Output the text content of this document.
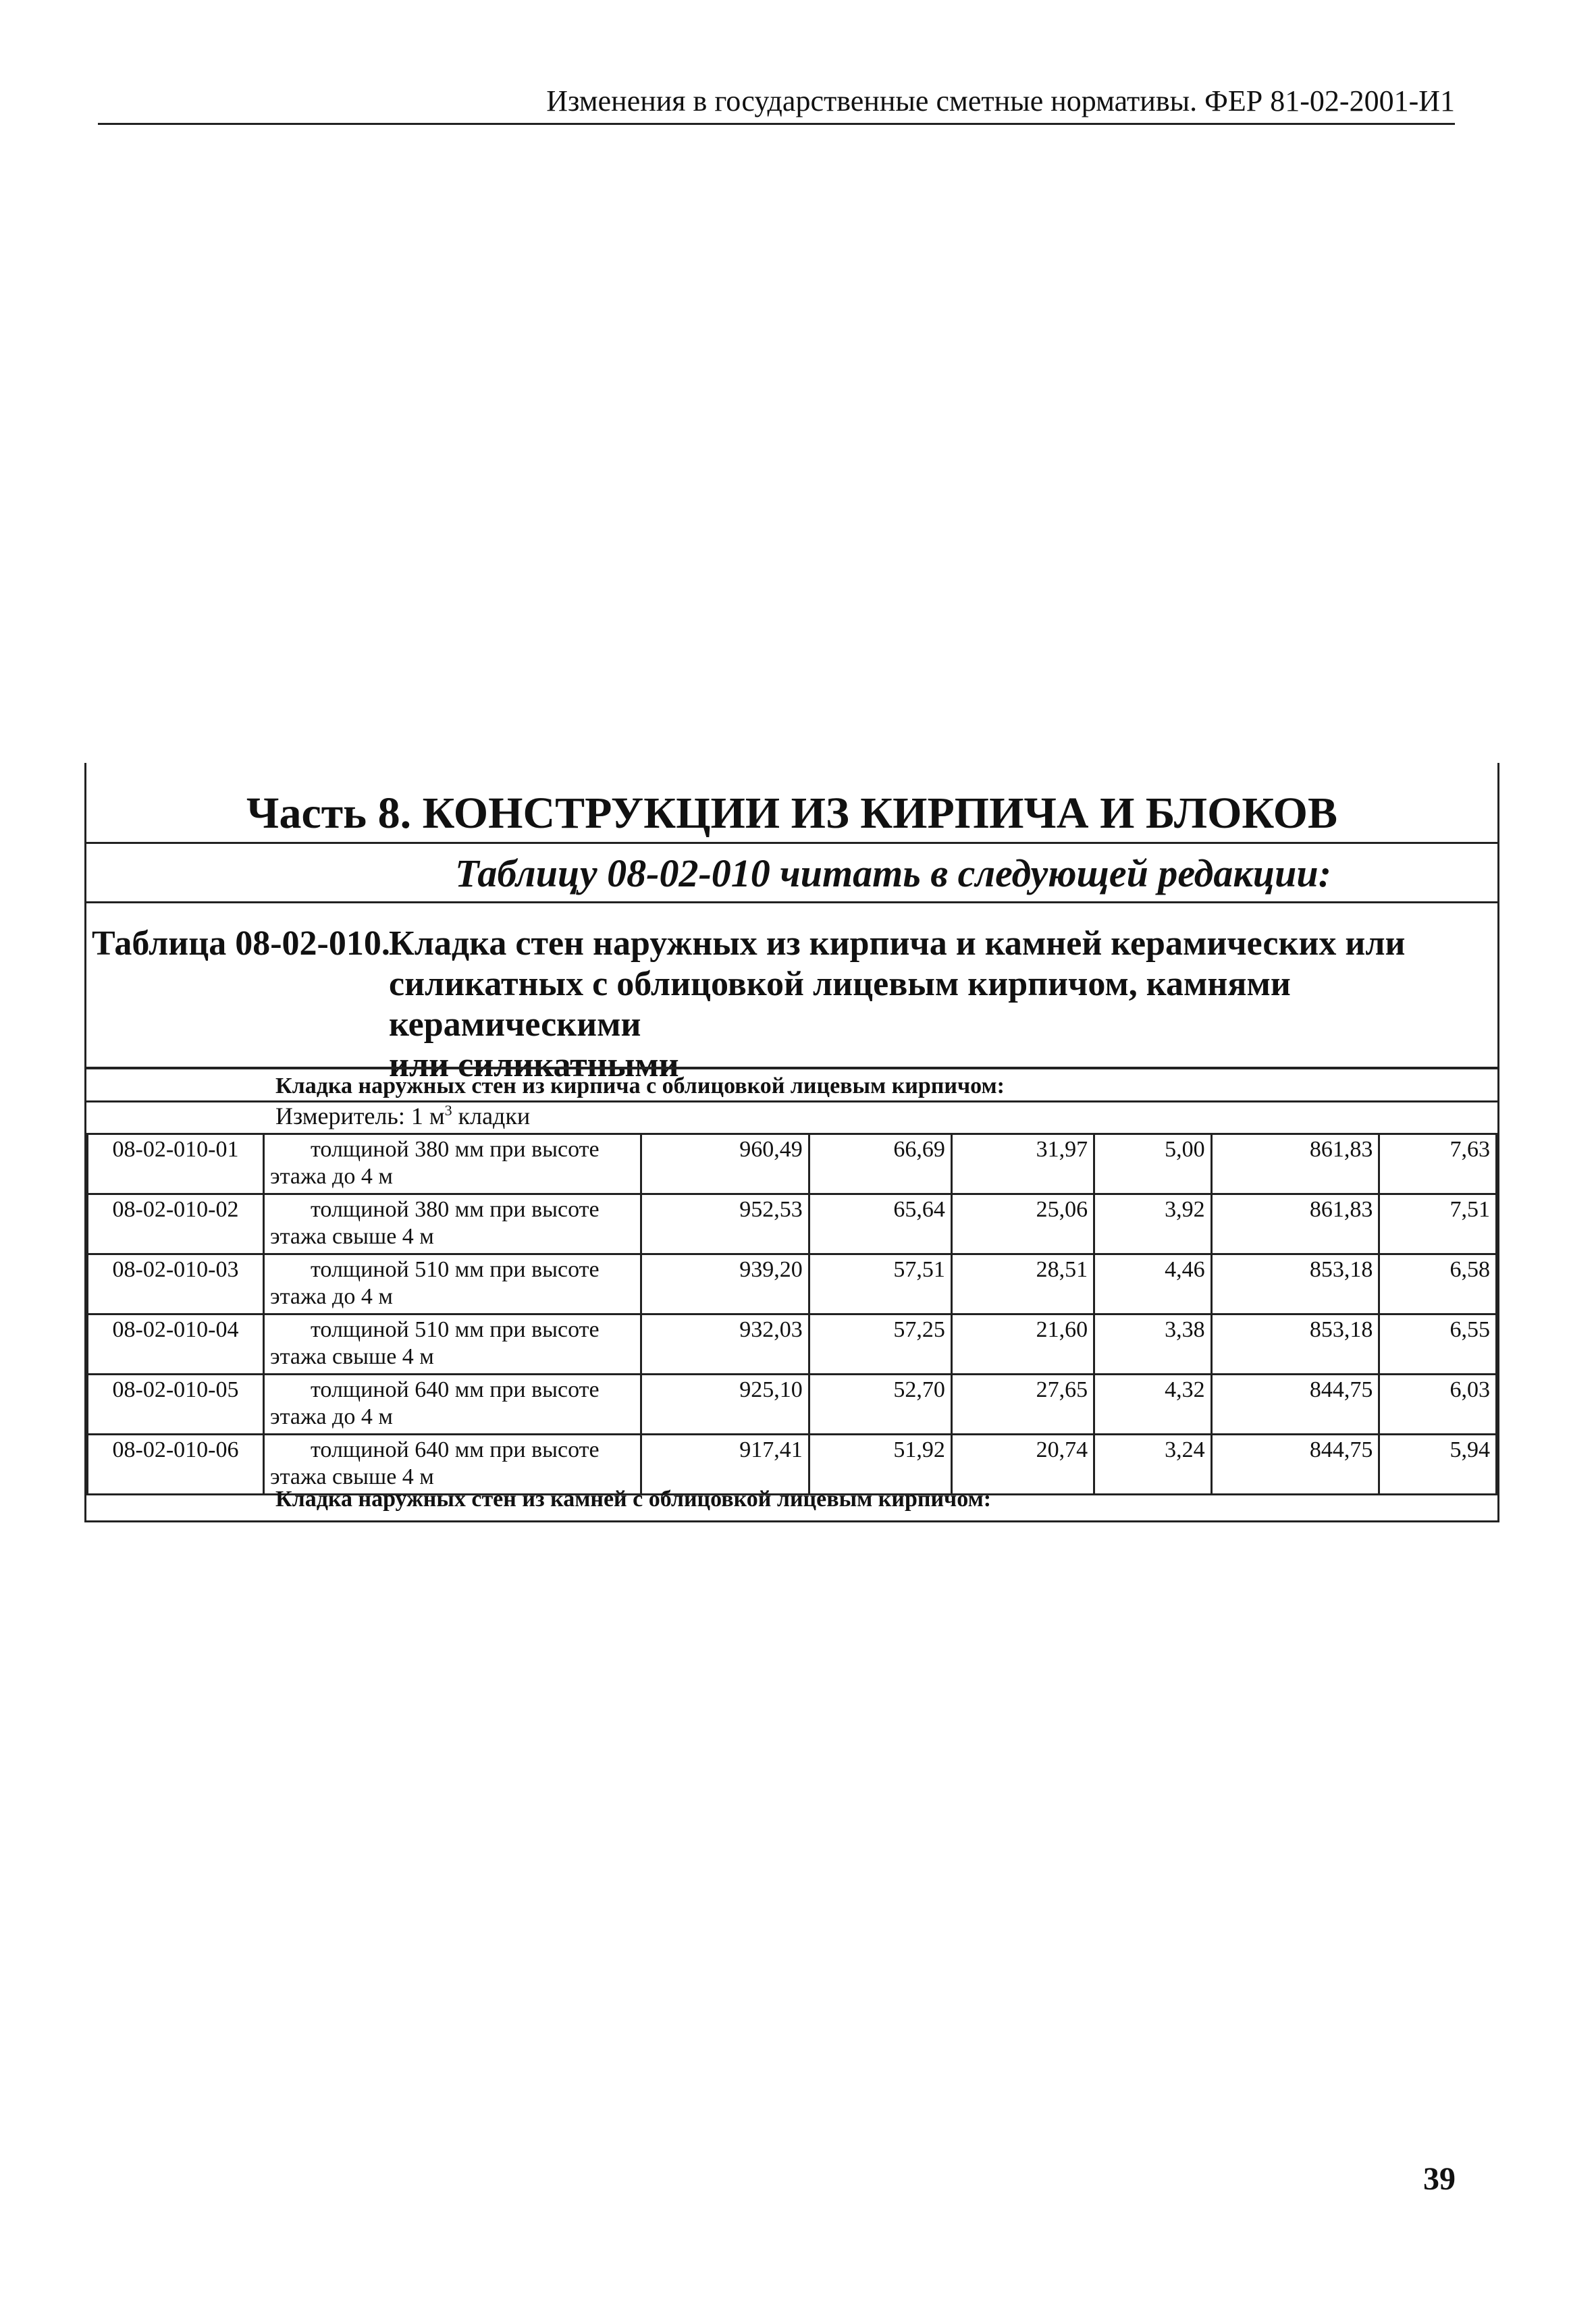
Изменения в государственные сметные нормативы. ФЕР 81-02-2001-И1
Часть 8. КОНСТРУКЦИИ ИЗ КИРПИЧА И БЛОКОВ
Таблицу 08-02-010 читать в следующей редакции:
Таблица 08-02-010.
Кладка стен наружных из кирпича и камней керамических или
силикатных с облицовкой лицевым кирпичом, камнями керамическими
или силикатными
Кладка наружных стен из кирпича с облицовкой лицевым кирпичом:
Измеритель: 1 $м^3$ кладки
08-02-010-01	толщиной 380 мм при высоте
этажа до 4 м	960,49	66,69	31,97	5,00	861,83	7,63
08-02-010-02	толщиной 380 мм при высоте
этажа свыше 4 м	952,53	65,64	25,06	3,92	861,83	7,51
08-02-010-03	толщиной 510 мм при высоте
этажа до 4 м	939,20	57,51	28,51	4,46	853,18	6,58
08-02-010-04	толщиной 510 мм при высоте
этажа свыше 4 м	932,03	57,25	21,60	3,38	853,18	6,55
08-02-010-05	толщиной 640 мм при высоте
этажа до 4 м	925,10	52,70	27,65	4,32	844,75	6,03
08-02-010-06	толщиной 640 мм при высоте
этажа свыше 4 м	917,41	51,92	20,74	3,24	844,75	5,94
Кладка наружных стен из камней с облицовкой лицевым кирпичом:
39
